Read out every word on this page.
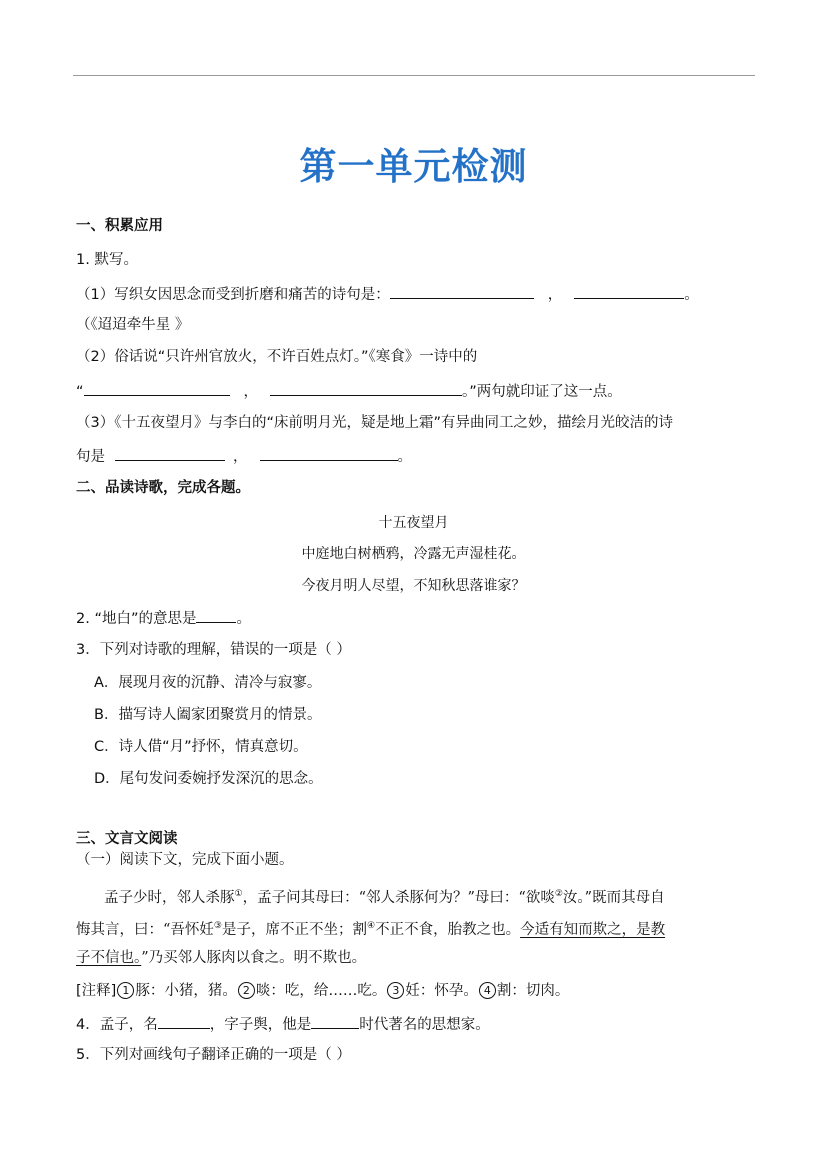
第一单元检测
一、积累应用
1. 默写。
（1）写织女因思念而受到折磨和痛苦的诗句是：	，	。
（《迢迢牵牛星 》
（2）俗话说“只许州官放火，不许百姓点灯。”《寒食》一诗中的
“	，	。”两句就印证了这一点。
（3）《十五夜望月》与李白的“床前明月光，疑是地上霜”有异曲同工之妙，描绘月光皎洁的诗
句是	，	。
二、品读诗歌，完成各题。
十五夜望月
中庭地白树栖鸦，冷露无声湿桂花。
今夜月明人尽望，不知秋思落谁家？
2. “地白”的意思是	。
3．下列对诗歌的理解，错误的一项是（ ）
A．展现月夜的沉静、清冷与寂寥。
B．描写诗人阖家团聚赏月的情景。
C．诗人借“月”抒怀，情真意切。
D．尾句发问委婉抒发深沉的思念。
三、文言文阅读
（一）阅读下文，完成下面小题。
孟子少时，邻人杀豚①，孟子问其母曰：“邻人杀豚何为？”母曰：“欲啖②汝。”既而其母自
悔其言，曰：“吾怀妊③是子，席不正不坐；割④不正不食，胎教之也。今适有知而欺之，是教
子不信也。”乃买邻人豚肉以食之。明不欺也。
[注释] 1 豚：小猪，猪。 2 啖：吃，给……吃。 3 妊：怀孕。 4 割：切肉。
4．孟子，名	，字子舆，他是	时代著名的思想家。
5．下列对画线句子翻译正确的一项是（ ）
